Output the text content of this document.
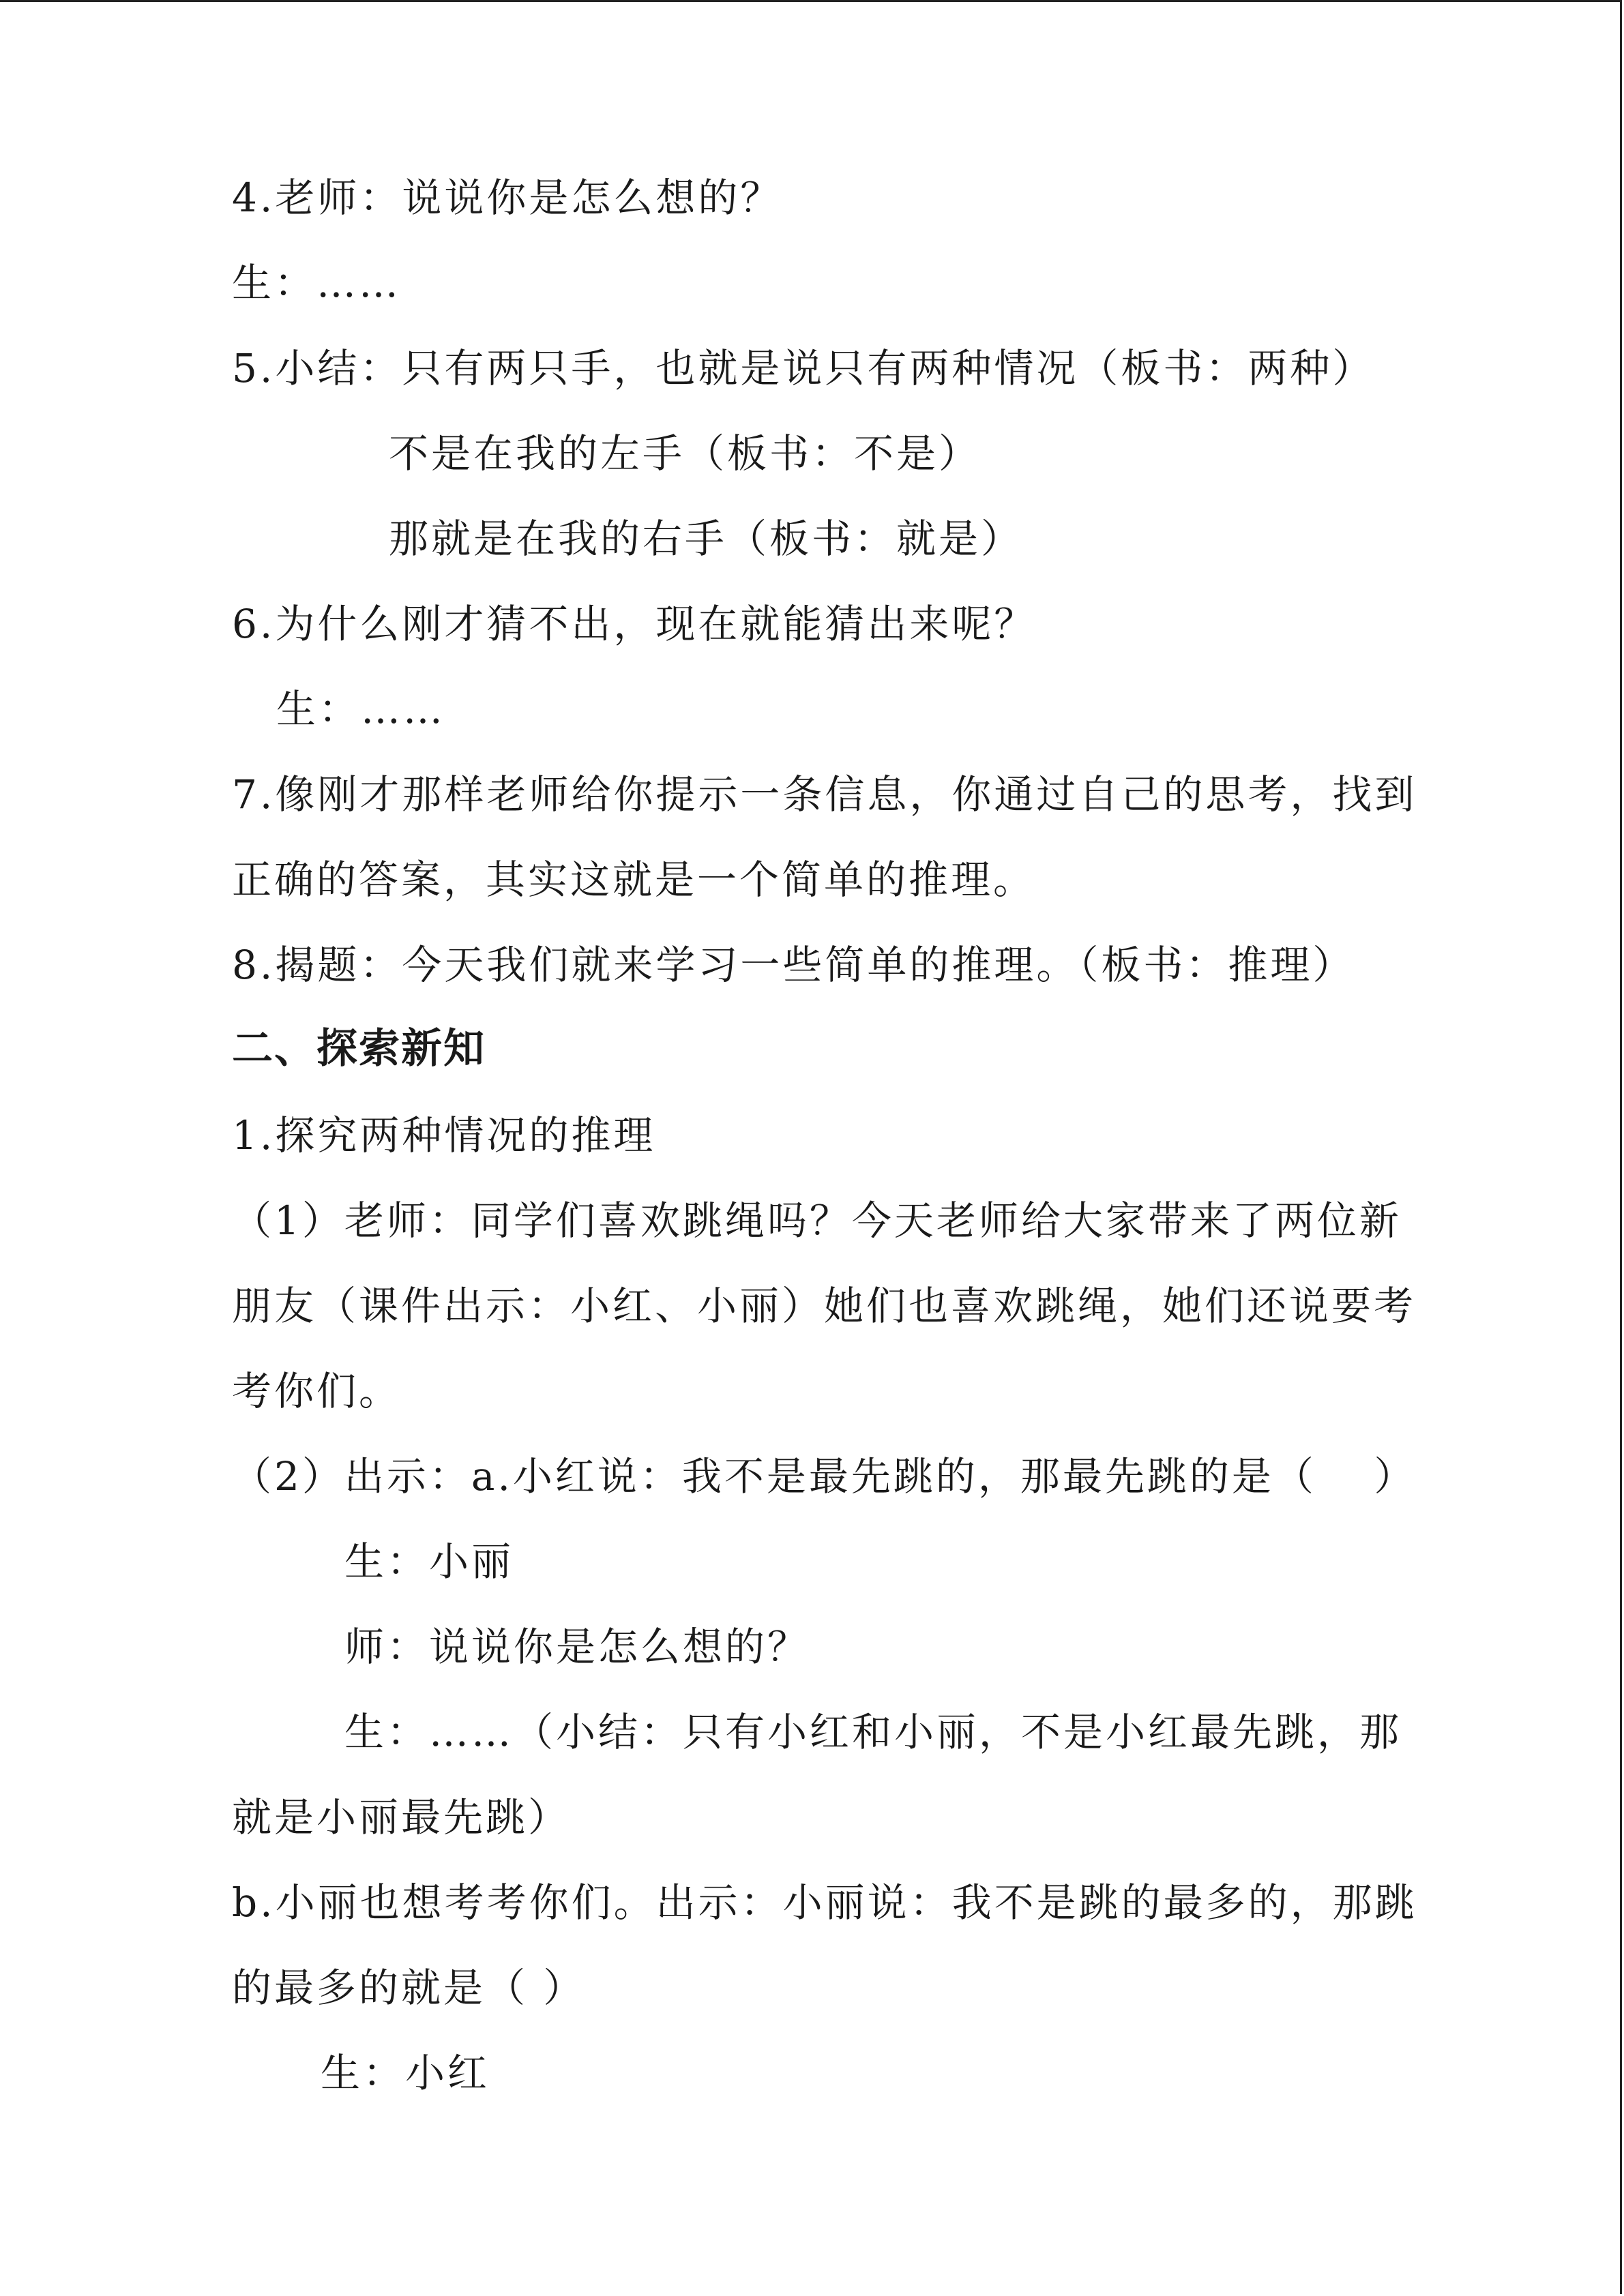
4.老师：说说你是怎么想的？
生：……
5.小结：只有两只手，也就是说只有两种情况（板书：两种）
不是在我的左手（板书：不是）
那就是在我的右手（板书：就是）
6.为什么刚才猜不出，现在就能猜出来呢？
生：……
7.像刚才那样老师给你提示一条信息，你通过自己的思考，找到
正确的答案，其实这就是一个简单的推理。
8.揭题：今天我们就来学习一些简单的推理。（板书：推理）
二、探索新知
1.探究两种情况的推理
（1）老师：同学们喜欢跳绳吗？今天老师给大家带来了两位新
朋友（课件出示：小红、小丽）她们也喜欢跳绳，她们还说要考
考你们。
（2）出示：a.小红说：我不是最先跳的，那最先跳的是（　 ）
生：小丽
师：说说你是怎么想的？
生：……（小结：只有小红和小丽，不是小红最先跳，那
就是小丽最先跳）
b.小丽也想考考你们。出示：小丽说：我不是跳的最多的，那跳
的最多的就是（ ）
生：小红
